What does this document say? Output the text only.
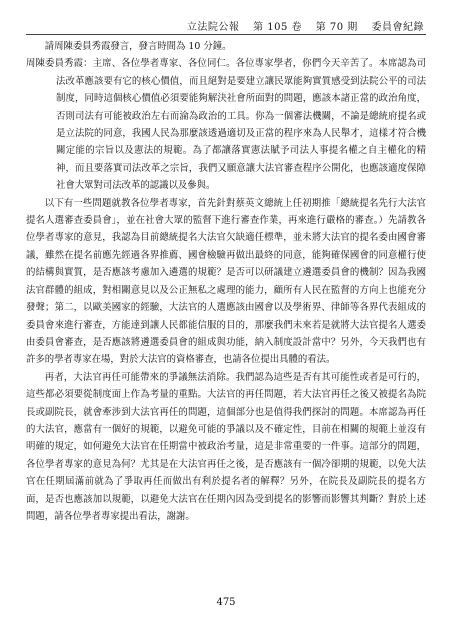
立法院公報 第 105 卷 第 70 期 委員會紀錄

請周陳委員秀霞發言，發言時間為 10 分鐘。

周陳委員秀霞：主席、各位學者專家、各位同仁。各位專家學者，你們今天辛苦了。本席認為司法改革應該要有它的核心價值，而且絕對是要建立讓民眾能夠實質感受到法院公平的司法制度，同時這個核心價值必須要能夠解決社會所面對的問題，應該本諸正當的政治角度，否則司法有可能被政治左右而淪為政治的工具。你為一個審法機關，不論是總統府提名或是立法院的同意，我國人民為那麼該透過適切及正當的程序來為人民舉才，這樣才符合機關定能的宗旨以及憲法的規範。為了都讓落實憲法賦予司法人事提名權之自主權化的精神，而且要落實司法改革之宗旨，我們又願意讓大法官審查程序公開化，也應該適度保障社會大眾對司法改革的認識以及參與。

以下有一些問題就教各位學者專家，首先針對蔡英文總統上任初期推「總統提名先行大法官提名人選審查委員會」，並在社會大眾的監督下進行審查作業，再來進行嚴格的審查。）先請教各位學者專家的意見，我認為目前總統提名大法官欠缺適任標準，並未將大法官的提名委由國會審議，雖然在提名前應先經過各界推薦、國會檢驗再做出最終的同意，能夠確保國會的同意權行使的結構與實質，是否應該考慮加入遴選的規範？是否可以研議建立遴選委員會的機制？因為我國法官群體的組成，對相關意見以及公正無私之處理的能力，顧所有人民在監督的方向上也能充分發聲；第二，以歐美國家的經驗，大法官的人選應該由國會以及學術界、律師等各界代表組成的委員會來進行審查，方能達到讓人民都能信服的目的，那麼我們未來若是就將大法官提名人選委由委員會審查，是否應該將遴選委員會的組成與功能，納入制度設計當中？另外，今天我們也有許多的學者專家在場，對於大法官的資格審查，也請各位提出具體的看法。

再者，大法官再任可能帶來的爭議無法消除。我們認為這些是否有其可能性或者是可行的，這些都必須要從制度面上作為考量的重點。大法官的再任問題，若大法官再任之後又被提名為院長或副院長，就會牽涉到大法官再任的問題，這個部分也是值得我們探討的問題。本席認為再任的大法官，應當有一個好的規範，以避免可能的爭議以及不確定性，目前在相關的規範上並沒有明確的規定，如何避免大法官在任期當中被政治考量，這是非常重要的一件事。這部分的問題，各位學者專家的意見為何？尤其是在大法官再任之後，是否應該有一個冷卻期的規範，以免大法官在任期屆滿前就為了爭取再任而做出有利於提名者的解釋？另外，在院長及副院長的提名方面，是否也應該加以規範，以避免大法官在任期內因為受到提名的影響而影響其判斷？對於上述問題，請各位學者專家提出看法，謝謝。

475
